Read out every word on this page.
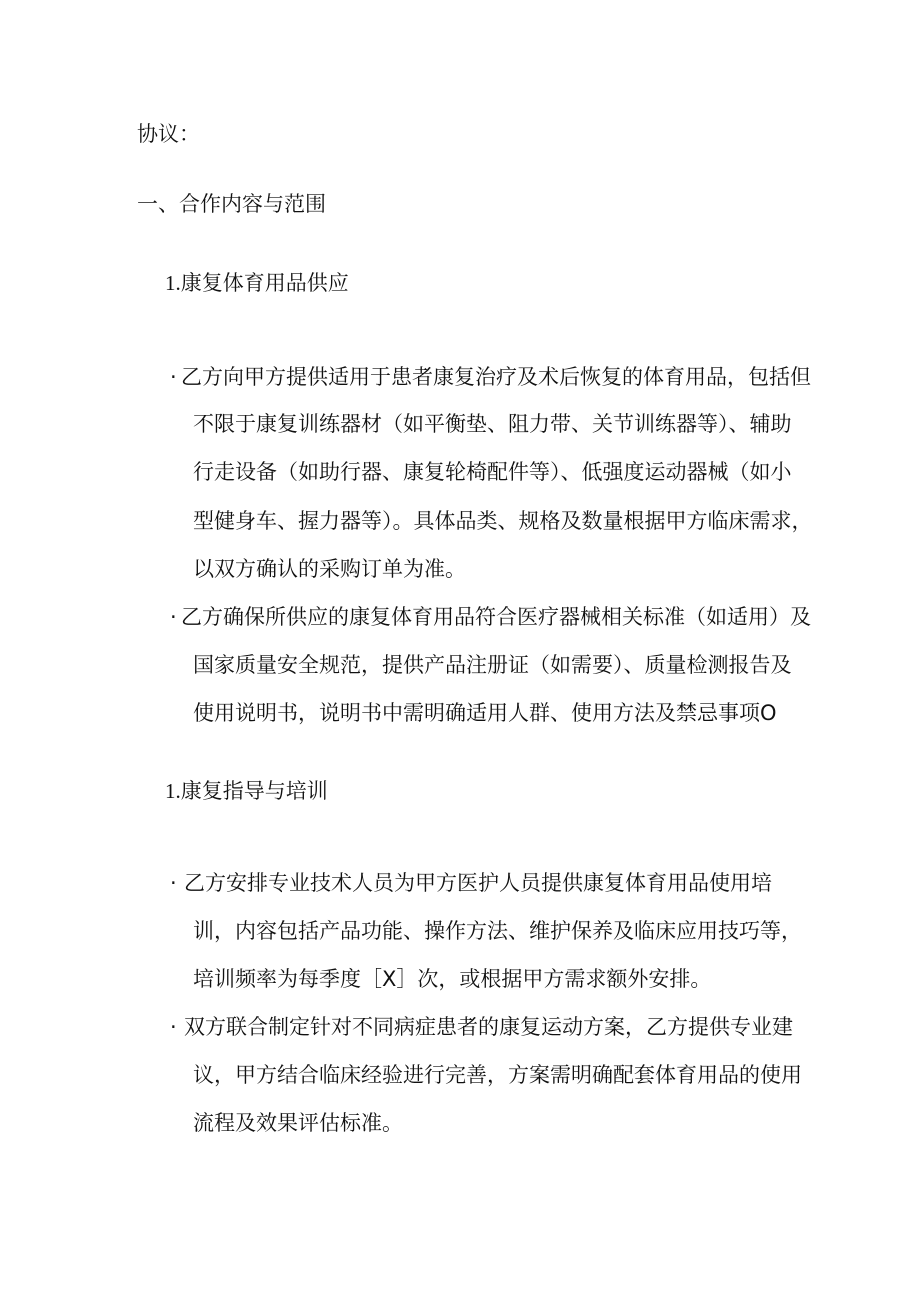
协议：
一、合作内容与范围
1.康复体育用品供应
· 乙方向甲方提供适用于患者康复治疗及术后恢复的体育用品，包括但
不限于康复训练器材（如平衡垫、阻力带、关节训练器等）、辅助
行走设备（如助行器、康复轮椅配件等）、低强度运动器械（如小
型健身车、握力器等）。具体品类、规格及数量根据甲方临床需求，
以双方确认的采购订单为准。
· 乙方确保所供应的康复体育用品符合医疗器械相关标准（如适用）及
国家质量安全规范，提供产品注册证（如需要）、质量检测报告及
使用说明书，说明书中需明确适用人群、使用方法及禁忌事项O
1.康复指导与培训
· 乙方安排专业技术人员为甲方医护人员提供康复体育用品使用培
训，内容包括产品功能、操作方法、维护保养及临床应用技巧等，
培训频率为每季度［X］次，或根据甲方需求额外安排。
· 双方联合制定针对不同病症患者的康复运动方案，乙方提供专业建
议，甲方结合临床经验进行完善，方案需明确配套体育用品的使用
流程及效果评估标准。
